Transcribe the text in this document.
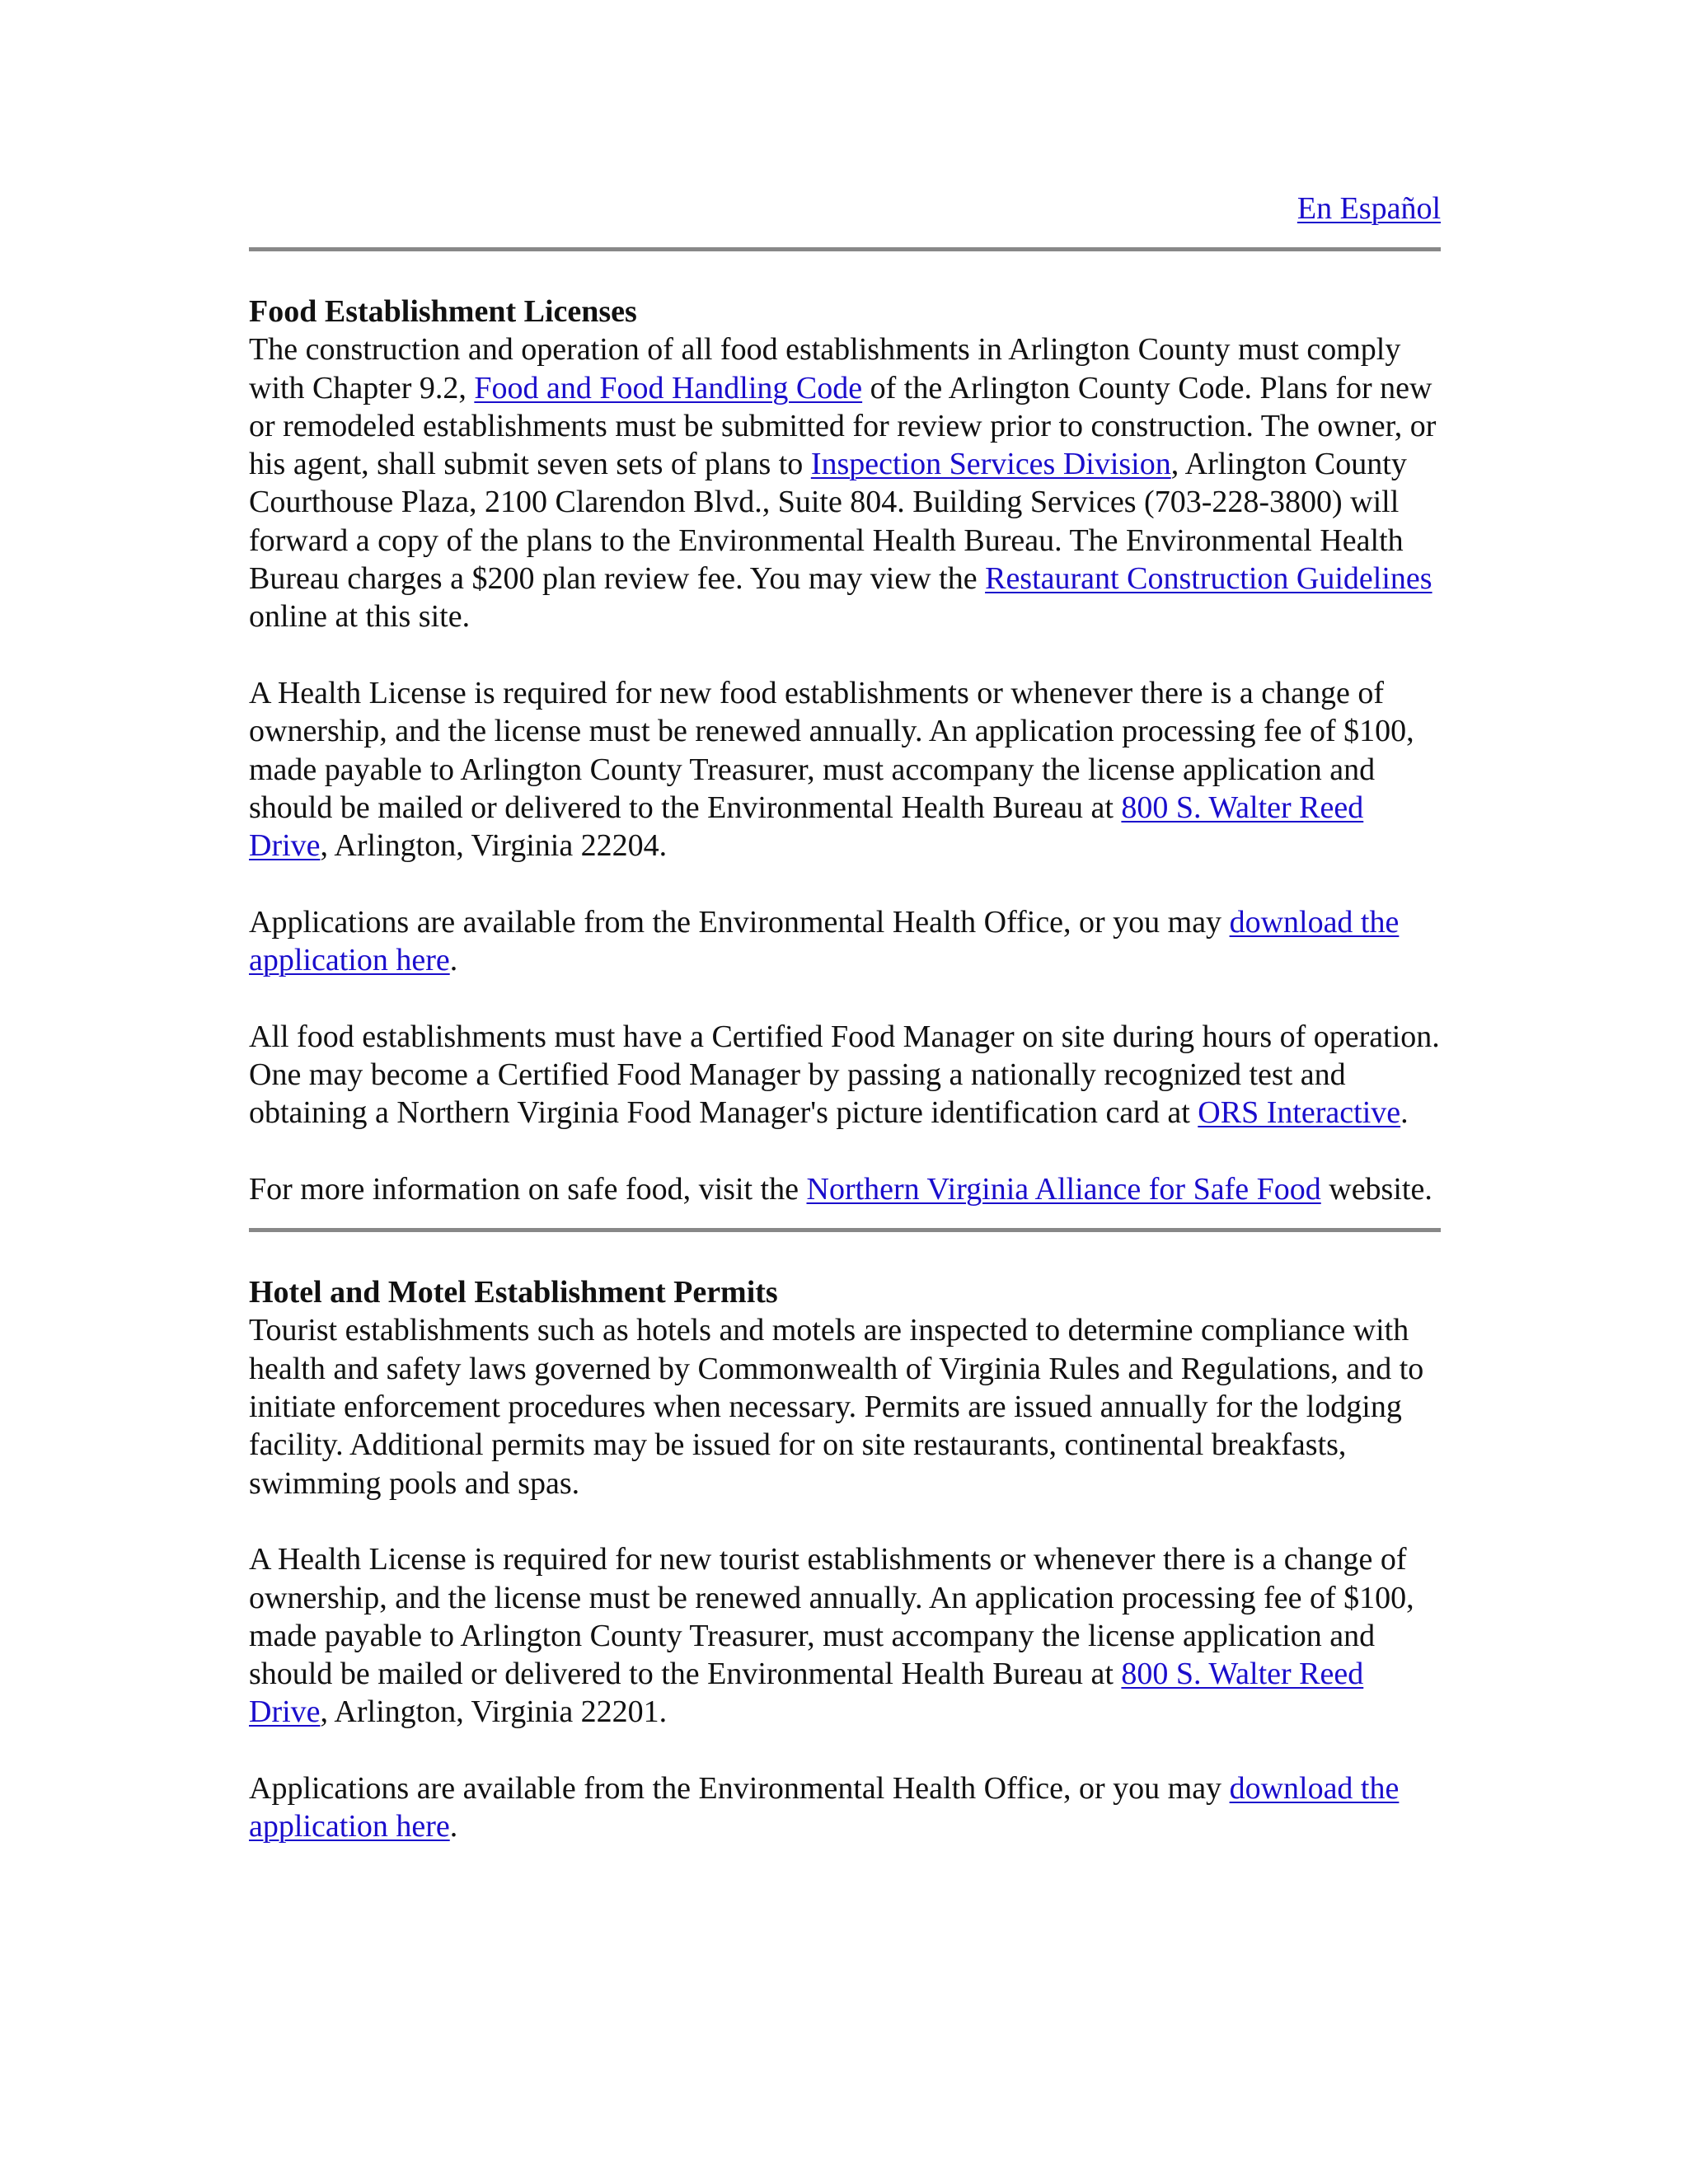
En Español
Food Establishment Licenses

The construction and operation of all food establishments in Arlington County must comply with Chapter 9.2, Food and Food Handling Code of the Arlington County Code. Plans for new or remodeled establishments must be submitted for review prior to construction. The owner, or his agent, shall submit seven sets of plans to Inspection Services Division, Arlington County Courthouse Plaza, 2100 Clarendon Blvd., Suite 804. Building Services (703-228-3800) will forward a copy of the plans to the Environmental Health Bureau. The Environmental Health Bureau charges a $200 plan review fee. You may view the Restaurant Construction Guidelines online at this site.

A Health License is required for new food establishments or whenever there is a change of ownership, and the license must be renewed annually. An application processing fee of $100, made payable to Arlington County Treasurer, must accompany the license application and should be mailed or delivered to the Environmental Health Bureau at 800 S. Walter Reed Drive, Arlington, Virginia 22204.

Applications are available from the Environmental Health Office, or you may download the application here.

All food establishments must have a Certified Food Manager on site during hours of operation. One may become a Certified Food Manager by passing a nationally recognized test and obtaining a Northern Virginia Food Manager's picture identification card at ORS Interactive.

For more information on safe food, visit the Northern Virginia Alliance for Safe Food website.

Hotel and Motel Establishment Permits

Tourist establishments such as hotels and motels are inspected to determine compliance with health and safety laws governed by Commonwealth of Virginia Rules and Regulations, and to initiate enforcement procedures when necessary. Permits are issued annually for the lodging facility. Additional permits may be issued for on site restaurants, continental breakfasts, swimming pools and spas.

A Health License is required for new tourist establishments or whenever there is a change of ownership, and the license must be renewed annually. An application processing fee of $100, made payable to Arlington County Treasurer, must accompany the license application and should be mailed or delivered to the Environmental Health Bureau at 800 S. Walter Reed Drive, Arlington, Virginia 22201.

Applications are available from the Environmental Health Office, or you may download the application here.
